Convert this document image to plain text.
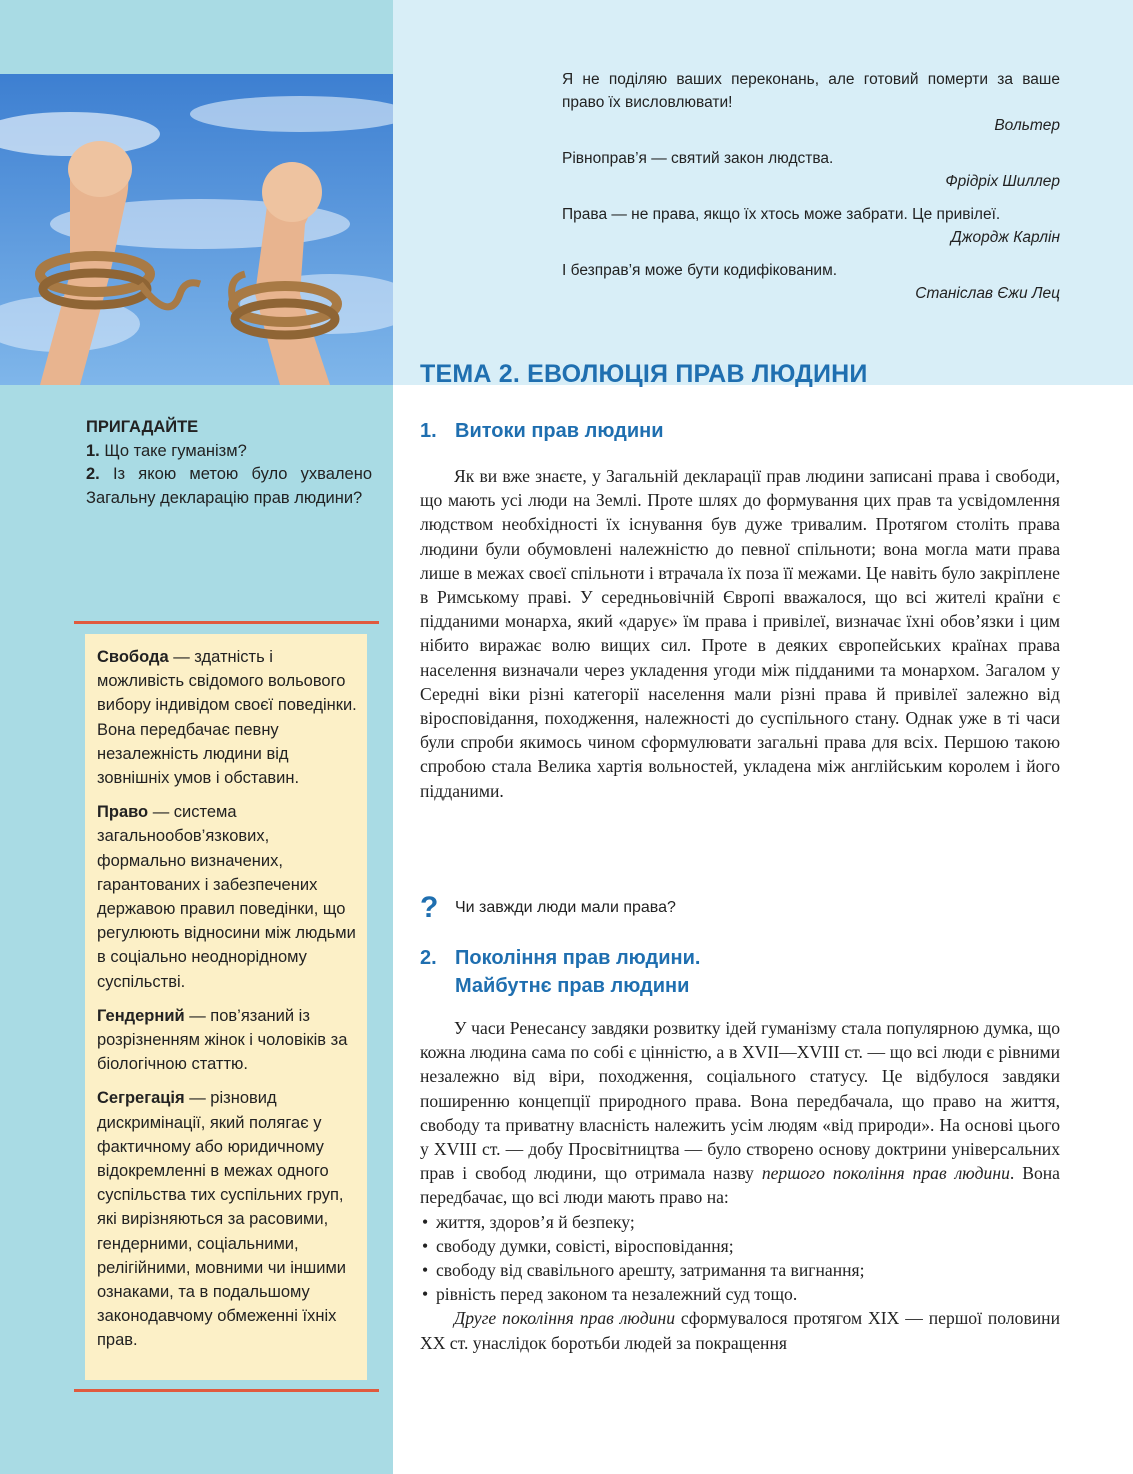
Я не поділяю ваших переконань, але готовий померти за ваше право їх висловлювати!
Вольтер
Рівноправ’я — святий закон людства.
Фрідріх Шиллер
Права — не права, якщо їх хтось може забрати. Це привілеї.
Джордж Карлін
І безправ’я може бути кодифікованим.
Станіслав Єжи Лец
ТЕМА 2. ЕВОЛЮЦІЯ ПРАВ ЛЮДИНИ
1. Витоки прав людини

Як ви вже знаєте, у Загальній декларації прав людини записані права і свободи, що мають усі люди на Землі. Проте шлях до формування цих прав та усвідомлення людством необхідності їх існування був дуже тривалим. Протягом століть права людини були обумовлені належністю до певної спільноти; вона могла мати права лише в межах своєї спільноти і втрачала їх поза її межами. Це навіть було закріплене в Римському праві. У середньовічній Європі вважалося, що всі жителі країни є підданими монарха, який «дарує» їм права і привілеї, визначає їхні обов’язки і цим нібито виражає волю вищих сил. Проте в деяких європейських країнах права населення визначали через укладення угоди між підданими та монархом. Загалом у Середні віки різні категорії населення мали різні права й привілеї залежно від віросповідання, походження, належності до суспільного стану. Однак уже в ті часи були спроби якимось чином сформулювати загальні права для всіх. Першою такою спробою стала Велика хартія вольностей, укладена між англійським королем і його підданими.

? Чи завжди люди мали права?
2. Покоління прав людини.
Майбутнє прав людини

У часи Ренесансу завдяки розвитку ідей гуманізму стала популярною думка, що кожна людина сама по собі є цінністю, а в XVII—XVIII ст. — що всі люди є рівними незалежно від віри, походження, соціального статусу. Це відбулося завдяки поширенню концепції природного права. Вона передбачала, що право на життя, свободу та приватну власність належить усім людям «від природи». На основі цього у XVIII ст. — добу Просвітництва — було створено основу доктрини універсальних прав і свобод людини, що отримала назву першого покоління прав людини. Вона передбачає, що всі люди мають право на:

• життя, здоров’я й безпеку;
• свободу думки, совісті, віросповідання;
• свободу від свавільного арешту, затримання та вигнання;
• рівність перед законом та незалежний суд тощо.

Друге покоління прав людини сформувалося протягом XIX — першої половини XX ст. унаслідок боротьби людей за покращення

ПРИГАДАЙТЕ
1. Що таке гуманізм?
2. Із якою метою було ухвалено Загальну декларацію прав людини?
Свобода — здатність і можливість свідомого вольового вибору індивідом своєї поведінки. Вона передбачає певну незалежність людини від зовнішніх умов і обставин.
Право — система загальнообов’язкових, формально визначених, гарантованих і забезпечених державою правил поведінки, що регулюють відносини між людьми в соціально неоднорідному суспільстві.
Гендерний — пов’язаний із розрізненням жінок і чоловіків за біологічною статтю.
Сегрегація — різновид дискримінації, який полягає у фактичному або юридичному відокремленні в межах одного суспільства тих суспільних груп, які вирізняються за расовими, гендерними, соціальними, релігійними, мовними чи іншими ознаками, та в подальшому законодавчому обмеженні їхніх прав.
